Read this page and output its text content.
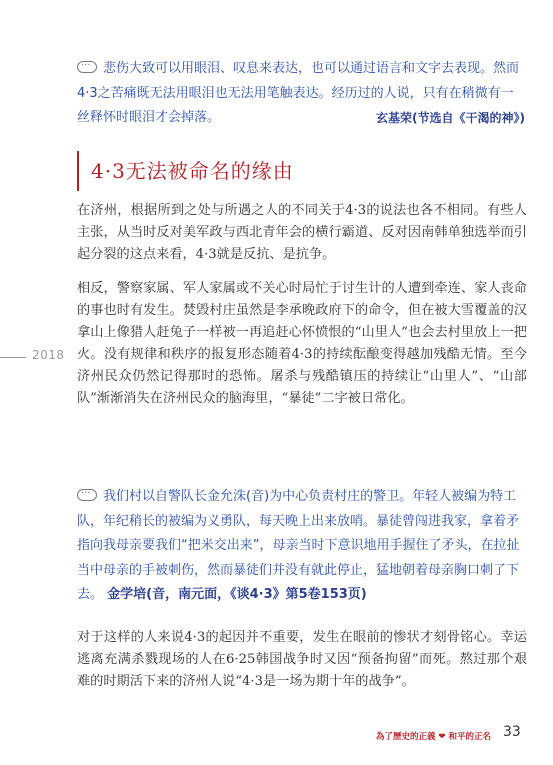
···悲伤大致可以用眼泪、叹息来表达，也可以通过语言和文字去表现。然而4·3之苦痛既无法用眼泪也无法用笔触表达。经历过的人说，只有在稍微有一丝释怀时眼泪才会掉落。	玄基荣(节选自《干渴的神》)
4·3无法被命名的缘由

在济州，根据所到之处与所遇之人的不同关于4·3的说法也各不相同。有些人主张，从当时反对美军政与西北青年会的横行霸道、反对因南韩单独选举而引起分裂的这点来看，4·3就是反抗、是抗争。

相反，警察家属、军人家属或不关心时局忙于讨生计的人遭到牵连、家人丧命的事也时有发生。焚毁村庄虽然是李承晚政府下的命令，但在被大雪覆盖的汉拿山上像猎人赶兔子一样被一再追赶心怀愤恨的“山里人”也会去村里放上一把火。没有规律和秩序的报复形态随着4·3的持续酝酿变得越加残酷无情。至今济州民众仍然记得那时的恐怖。屠杀与残酷镇压的持续让“山里人”、“山部队”渐渐消失在济州民众的脑海里，“暴徒”二字被日常化。

2018
···我们村以自警队长金允洙(音)为中心负责村庄的警卫。年轻人被编为特工队，年纪稍长的被编为义勇队，每天晚上出来放哨。暴徒曾闯进我家，拿着矛指向我母亲要我们“把米交出来”，母亲当时下意识地用手握住了矛头，在拉扯当中母亲的手被刺伤，然而暴徒们并没有就此停止，猛地朝着母亲胸口刺了下去。 金学培(音，南元面，《谈4·3》第5卷153页)

对于这样的人来说4·3的起因并不重要，发生在眼前的惨状才刻骨铭心。幸运逃离充满杀戮现场的人在6·25韩国战争时又因“预备拘留”而死。熬过那个艰难的时期活下来的济州人说“4·3是一场为期十年的战争”。

為了歷史的正義 ❤ 和平的正名 33
